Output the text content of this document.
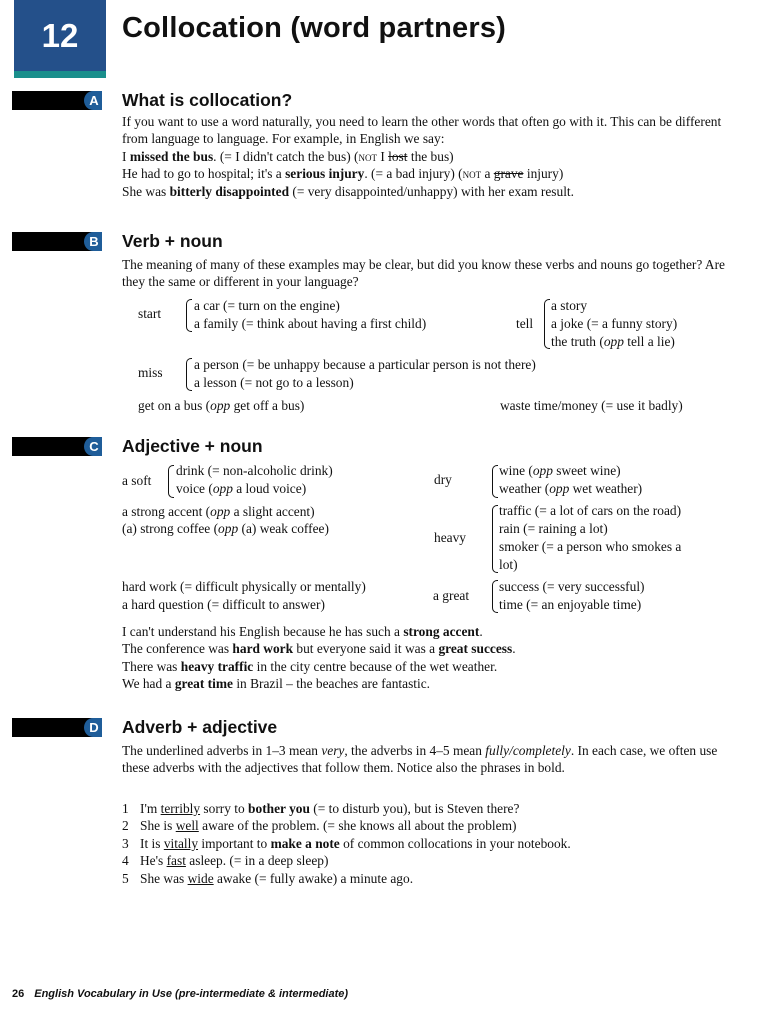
12 Collocation (word partners)
A What is collocation?

If you want to use a word naturally, you need to learn the other words that often go with it. This can be different from language to language. For example, in English we say:

I missed the bus. (= I didn't catch the bus) (not I lost the bus)

He had to go to hospital; it's a serious injury. (= a bad injury) (not a grave injury)

She was bitterly disappointed (= very disappointed/unhappy) with her exam result.

B Verb + noun
The meaning of many of these examples may be clear, but did you know these verbs and nouns go together? Are they the same or different in your language?
start
a car (= turn on the engine)
a family (= think about having a first child)	tell
a story
a joke (= a funny story)
the truth (opp tell a lie)
miss
a person (= be unhappy because a particular person is not there)
a lesson (= not go to a lesson)
get on a bus (opp get off a bus)	waste time/money (= use it badly)
C Adjective + noun
a soft
drink (= non-alcoholic drink)
voice (opp a loud voice)
dry
wine (opp sweet wine)
weather (opp wet weather)
a strong accent (opp a slight accent)
(a) strong coffee (opp (a) weak coffee)
heavy
traffic (= a lot of cars on the road)
rain (= raining a lot)
smoker (= a person who smokes a
lot)
hard work (= difficult physically or mentally)
a hard question (= difficult to answer)
a great
success (= very successful)
time (= an enjoyable time)

I can't understand his English because he has such a strong accent.

The conference was hard work but everyone said it was a great success.

There was heavy traffic in the city centre because of the wet weather.

We had a great time in Brazil – the beaches are fantastic.

D Adverb + adjective

The underlined adverbs in 1–3 mean very, the adverbs in 4–5 mean fully/completely. In each case, we often use these adverbs with the adjectives that follow them. Notice also the phrases in bold.

1 I'm terribly sorry to bother you (= to disturb you), but is Steven there?
2 She is well aware of the problem. (= she knows all about the problem)
3 It is vitally important to make a note of common collocations in your notebook.
4 He's fast asleep. (= in a deep sleep)
5 She was wide awake (= fully awake) a minute ago.
26 English Vocabulary in Use (pre-intermediate & intermediate)
